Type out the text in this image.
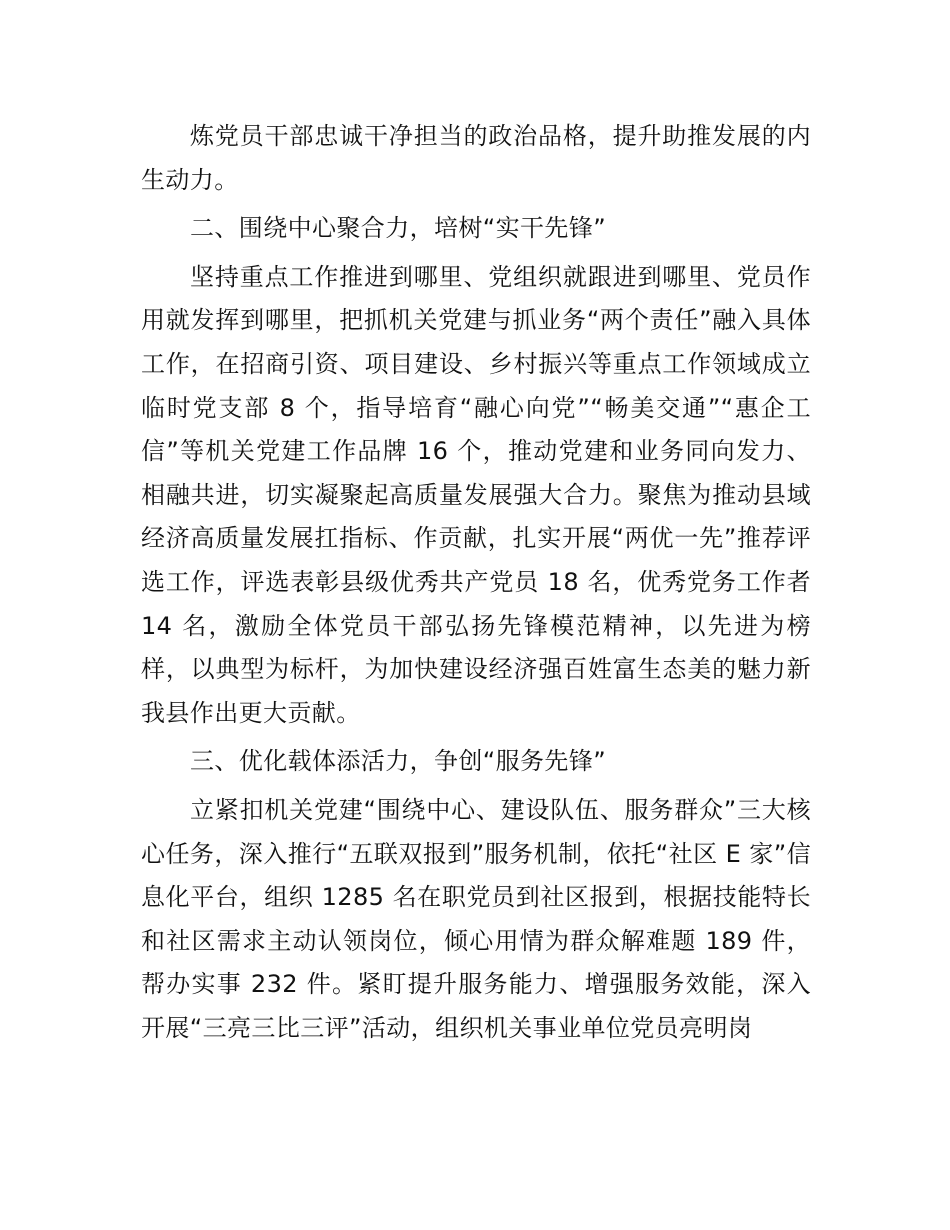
炼党员干部忠诚干净担当的政治品格，提升助推发展的内生动力。

二、围绕中心聚合力，培树“实干先锋”

坚持重点工作推进到哪里、党组织就跟进到哪里、党员作用就发挥到哪里，把抓机关党建与抓业务“两个责任”融入具体工作，在招商引资、项目建设、乡村振兴等重点工作领域成立临时党支部 8 个，指导培育“融心向党”“畅美交通”“惠企工信”等机关党建工作品牌 16 个，推动党建和业务同向发力、相融共进，切实凝聚起高质量发展强大合力。聚焦为推动县域经济高质量发展扛指标、作贡献，扎实开展“两优一先”推荐评选工作，评选表彰县级优秀共产党员 18 名，优秀党务工作者 14 名，激励全体党员干部弘扬先锋模范精神，以先进为榜样，以典型为标杆，为加快建设经济强百姓富生态美的魅力新我县作出更大贡献。

三、优化载体添活力，争创“服务先锋”

立紧扣机关党建“围绕中心、建设队伍、服务群众”三大核心任务，深入推行“五联双报到”服务机制，依托“社区 E 家”信息化平台，组织 1285 名在职党员到社区报到，根据技能特长和社区需求主动认领岗位，倾心用情为群众解难题 189 件，帮办实事 232 件。紧盯提升服务能力、增强服务效能，深入开展“三亮三比三评”活动，组织机关事业单位党员亮明岗
